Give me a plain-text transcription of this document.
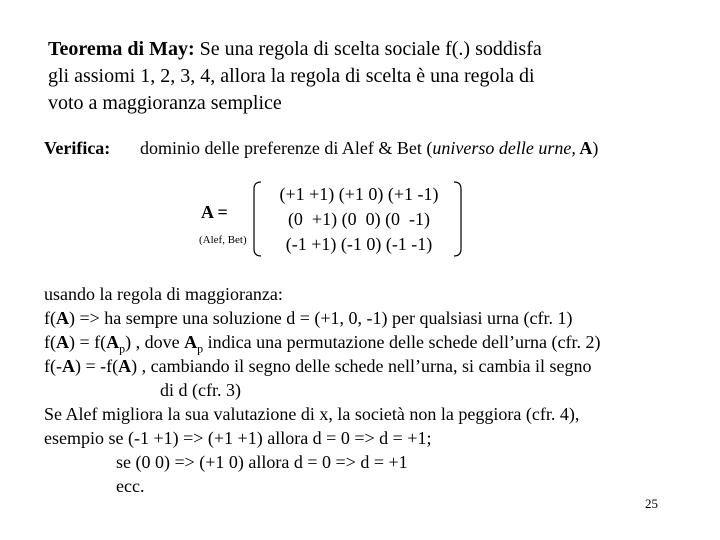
Teorema di May: Se una regola di scelta sociale f(.) soddisfa
gli assiomi 1, 2, 3, 4, allora la regola di scelta è una regola di
voto a maggioranza semplice
Verifica: dominio delle preferenze di Alef & Bet (universo delle urne, A)
A =
(Alef, Bet)
(+1 +1) (+1 0) (+1 -1)
(0  +1) (0  0) (0  -1)
(-1 +1) (-1 0) (-1 -1)
usando la regola di maggioranza:
f(A) => ha sempre una soluzione d = (+1, 0, -1) per qualsiasi urna (cfr. 1)
$f(A) = f(A_p)$ , dove $A_p$ indica una permutazione delle schede dell’urna (cfr. 2)
f(-A) = -f(A) , cambiando il segno delle schede nell’urna, si cambia il segno
di d (cfr. 3)
Se Alef migliora la sua valutazione di x, la società non la peggiora (cfr. 4),
esempio se (-1 +1) => (+1 +1) allora d = 0 => d = +1;
se (0 0) => (+1 0) allora d = 0 => d = +1
ecc.
25
